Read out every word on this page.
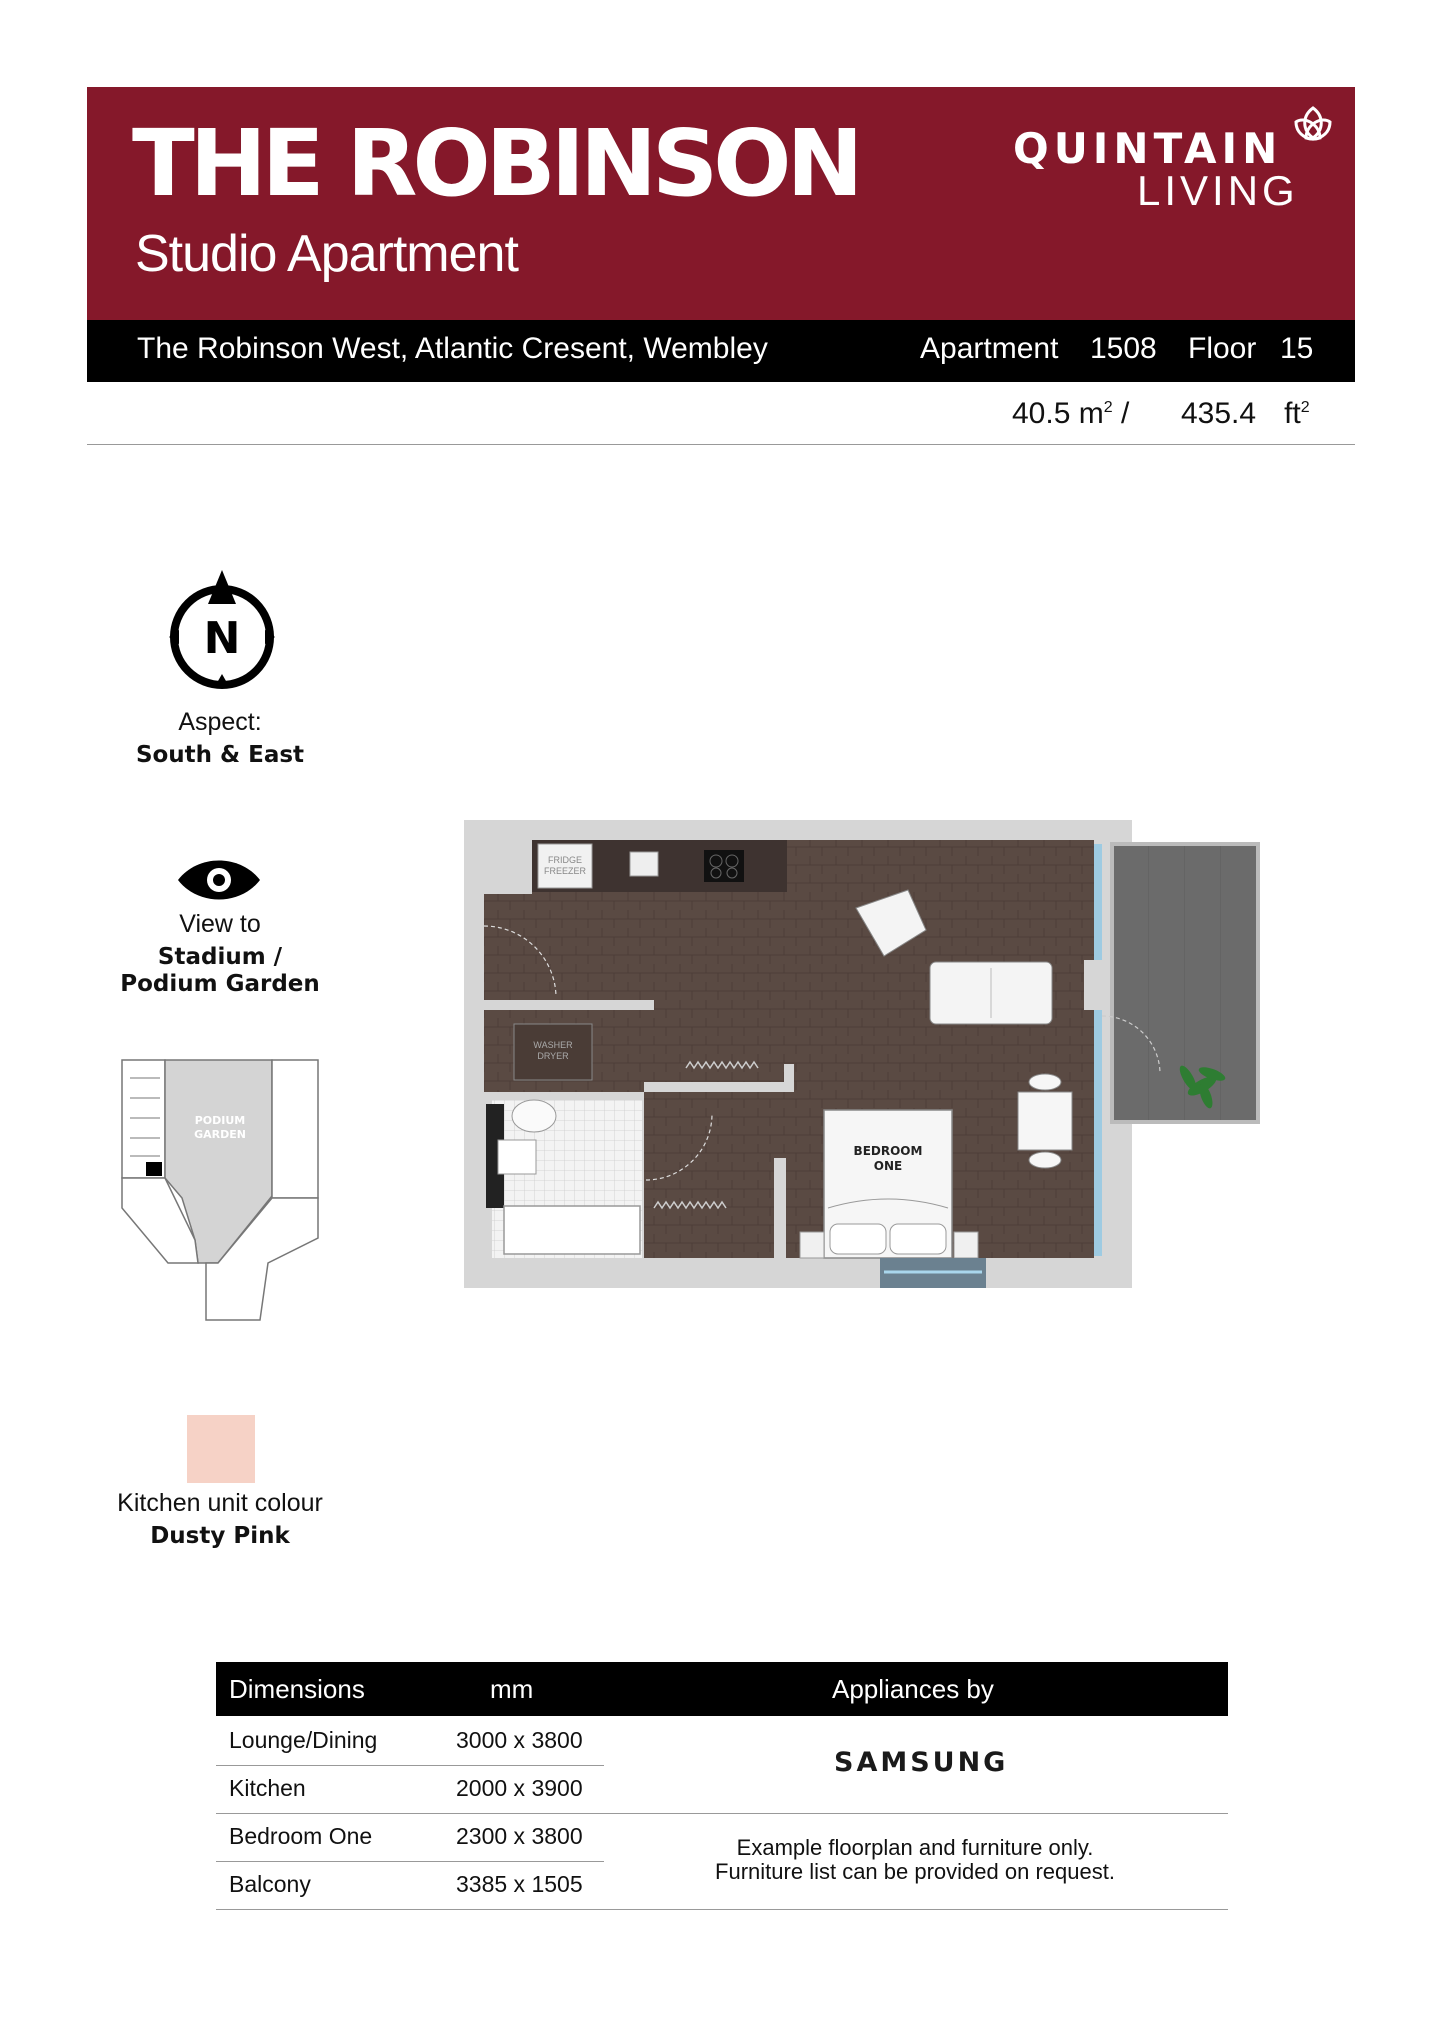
THE ROBINSON
Studio Apartment
QUINTAIN
LIVING
The Robinson West, Atlantic Cresent, Wembley	Apartment 1508 Floor 15
40.5 $m^2 / 435.4$ $ft^2$
N
Aspect:
South & East
View to
Stadium /
Podium Garden
PODIUM
GARDEN
FRIDGE
FREEZER
WASHER
DRYER
BEDROOM
ONE
Kitchen unit colour
Dusty Pink
Dimensions	mm	Appliances by
Lounge/Dining	3000 x 3800
Kitchen	2000 x 3900
Bedroom One	2300 x 3800
Balcony	3385 x 1505
SAMSUNG
Example floorplan and furniture only.
Furniture list can be provided on request.
